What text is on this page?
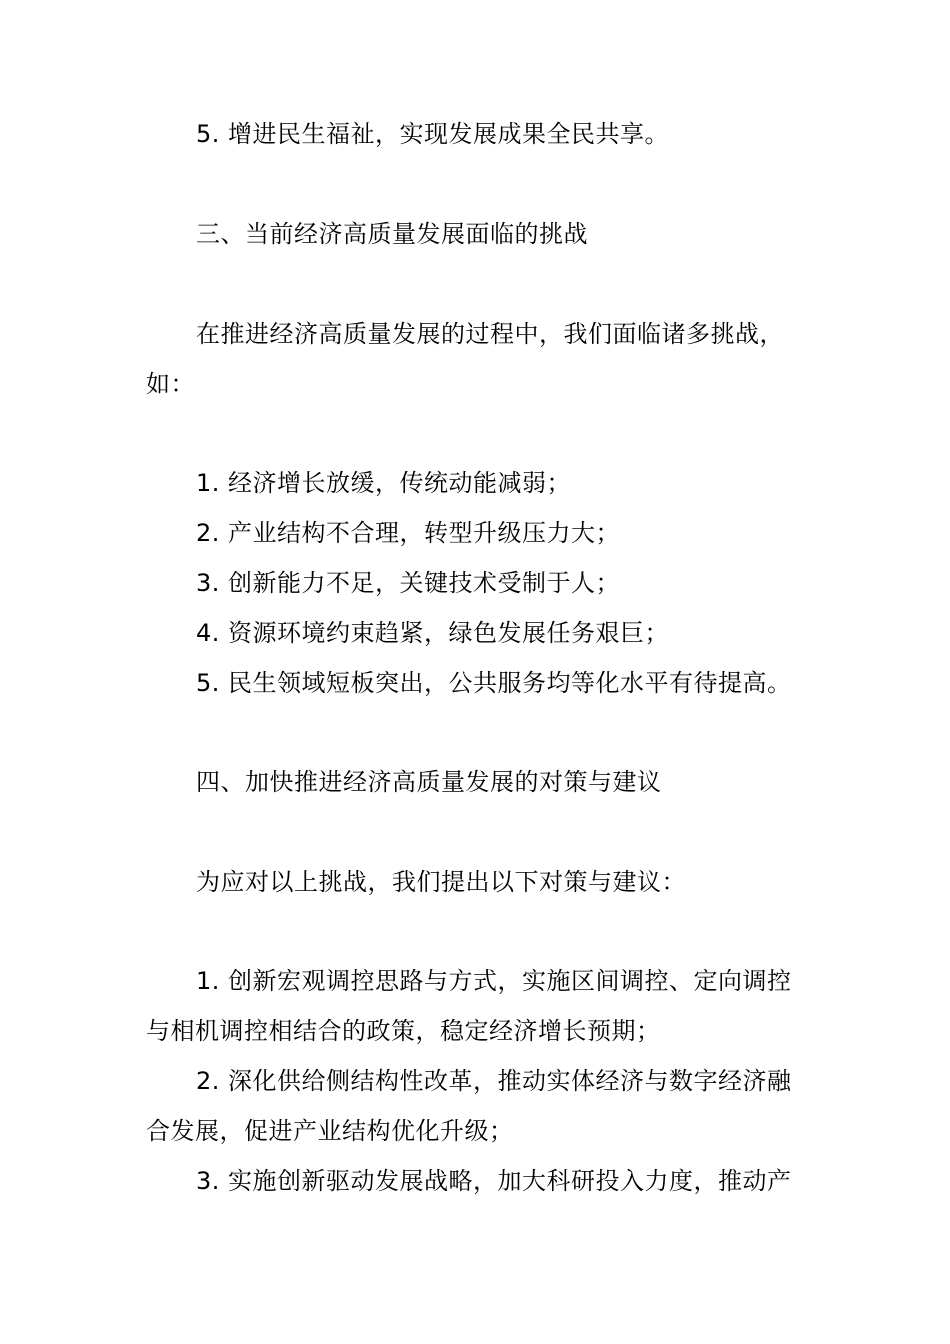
5. 增进民生福祉，实现发展成果全民共享。
三、当前经济高质量发展面临的挑战
在推进经济高质量发展的过程中，我们面临诸多挑战，
如：
1. 经济增长放缓，传统动能减弱；
2. 产业结构不合理，转型升级压力大；
3. 创新能力不足，关键技术受制于人；
4. 资源环境约束趋紧，绿色发展任务艰巨；
5. 民生领域短板突出，公共服务均等化水平有待提高。
四、加快推进经济高质量发展的对策与建议
为应对以上挑战，我们提出以下对策与建议：
1. 创新宏观调控思路与方式，实施区间调控、定向调控
与相机调控相结合的政策，稳定经济增长预期；
2. 深化供给侧结构性改革，推动实体经济与数字经济融
合发展，促进产业结构优化升级；
3. 实施创新驱动发展战略，加大科研投入力度，推动产
